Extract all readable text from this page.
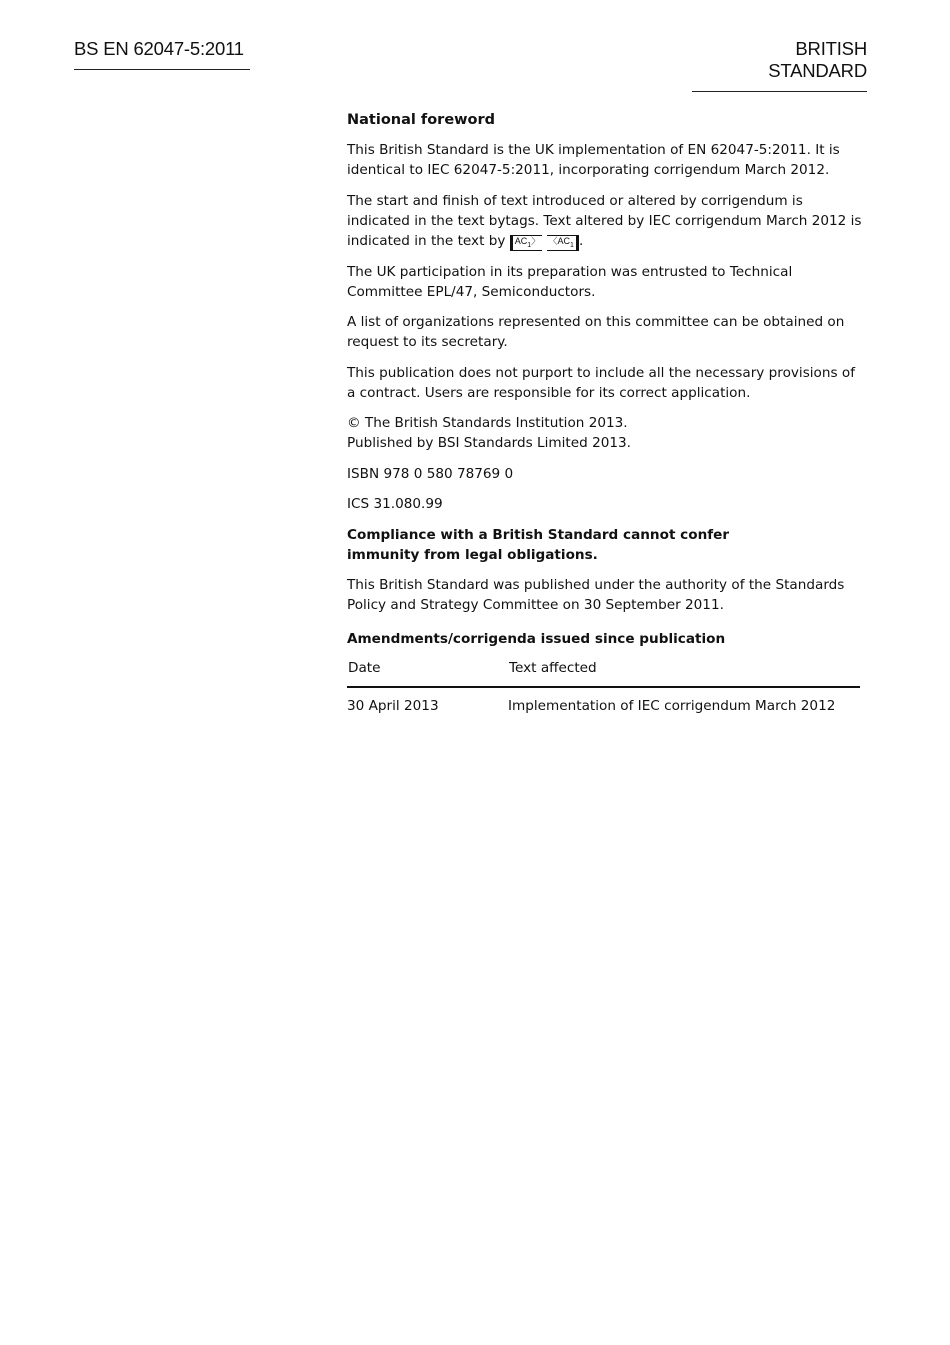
BS EN 62047-5:2011	BRITISH STANDARD
National foreword

This British Standard is the UK implementation of EN 62047-5:2011. It is identical to IEC 62047-5:2011, incorporating corrigendum March 2012.

The start and finish of text introduced or altered by corrigendum is indicated in the text bytags. Text altered by IEC corrigendum March 2012 is indicated in the text by $AC_1〉$ $〈AC_1$ .

The UK participation in its preparation was entrusted to Technical Committee EPL/47, Semiconductors.

A list of organizations represented on this committee can be obtained on request to its secretary.

This publication does not purport to include all the necessary provisions of a contract. Users are responsible for its correct application.

© The British Standards Institution 2013.
Published by BSI Standards Limited 2013.

ISBN 978 0 580 78769 0

ICS 31.080.99

Compliance with a British Standard cannot confer immunity from legal obligations.

This British Standard was published under the authority of the Standards Policy and Strategy Committee on 30 September 2011.

Amendments/corrigenda issued since publication
Date	Text affected
30 April 2013	Implementation of IEC corrigendum March 2012
